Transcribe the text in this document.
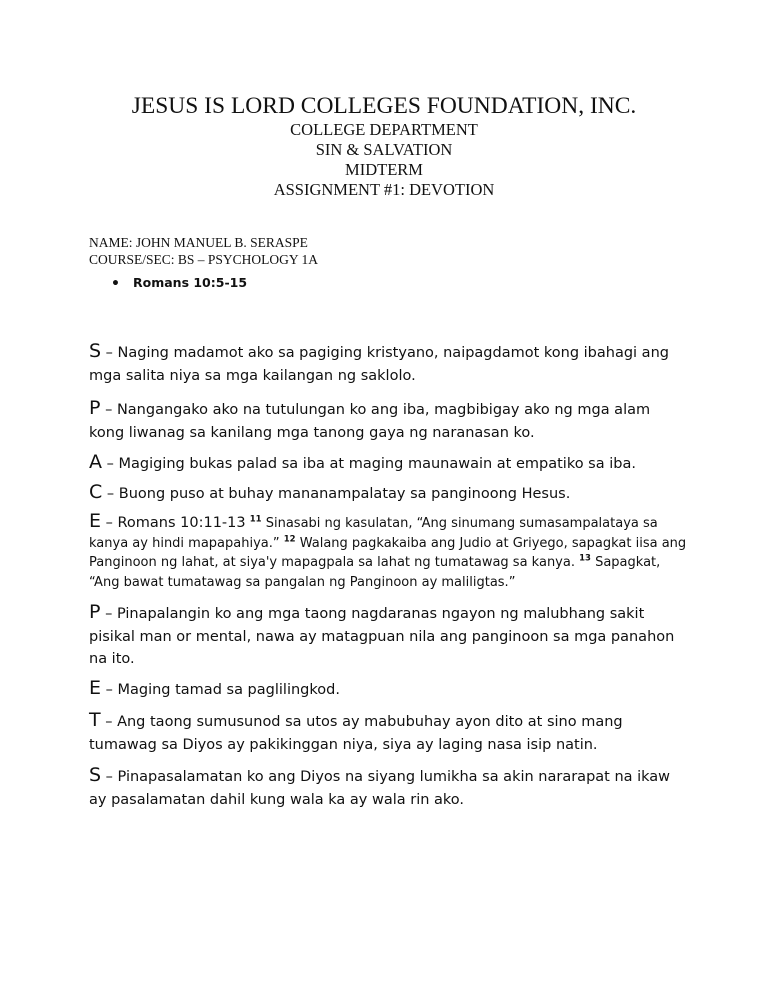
JESUS IS LORD COLLEGES FOUNDATION, INC.
COLLEGE DEPARTMENT
SIN & SALVATION
MIDTERM
ASSIGNMENT #1: DEVOTION
NAME: JOHN MANUEL B. SERASPE
COURSE/SEC: BS – PSYCHOLOGY 1A
• Romans 10:5-15
S – Naging madamot ako sa pagiging kristyano, naipagdamot kong ibahagi ang mga salita niya sa mga kailangan ng saklolo.
P – Nangangako ako na tutulungan ko ang iba, magbibigay ako ng mga alam kong liwanag sa kanilang mga tanong gaya ng naranasan ko.
A – Magiging bukas palad sa iba at maging maunawain at empatiko sa iba.
C – Buong puso at buhay mananampalatay sa panginoong Hesus.
E – Romans 10:11-13 $^{11}$ Sinasabi ng kasulatan, “Ang sinumang sumasampalataya sa kanya ay hindi mapapahiya.” $^{12}$ Walang pagkakaiba ang Judio at Griyego, sapagkat iisa ang Panginoon ng lahat, at siya'y mapagpala sa lahat ng tumatawag sa kanya. $^{13}$ Sapagkat, “Ang bawat tumatawag sa pangalan ng Panginoon ay maliligtas.”
P – Pinapalangin ko ang mga taong nagdaranas ngayon ng malubhang sakit pisikal man or mental, nawa ay matagpuan nila ang panginoon sa mga panahon na ito.
E – Maging tamad sa paglilingkod.
T – Ang taong sumusunod sa utos ay mabubuhay ayon dito at sino mang tumawag sa Diyos ay pakikinggan niya, siya ay laging nasa isip natin.
S – Pinapasalamatan ko ang Diyos na siyang lumikha sa akin nararapat na ikaw ay pasalamatan dahil kung wala ka ay wala rin ako.
